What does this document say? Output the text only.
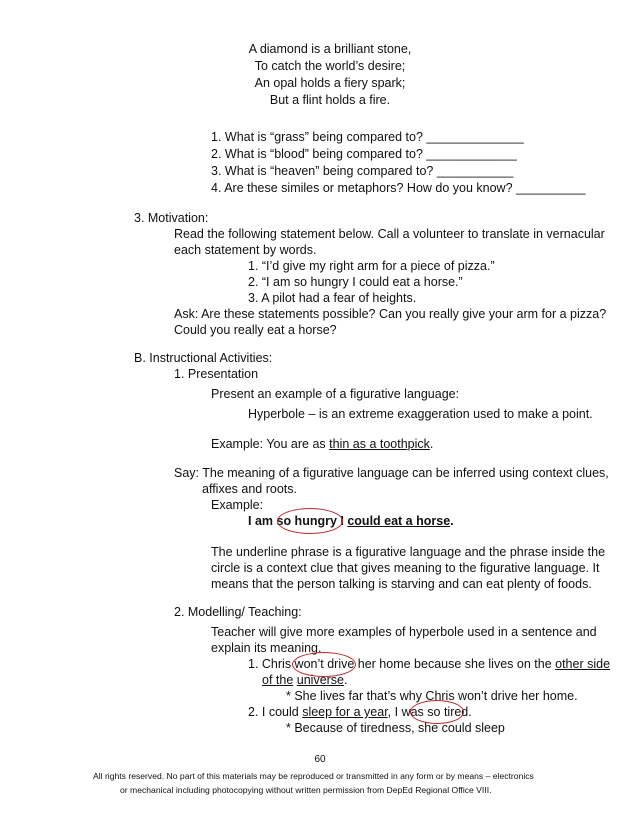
A diamond is a brilliant stone,
To catch the world’s desire;
An opal holds a fiery spark;
But a flint holds a fire.
1. What is “grass” being compared to? ______________
2. What is “blood” being compared to? _____________
3. What is “heaven” being compared to? ___________
4. Are these similes or metaphors? How do you know? __________
3. Motivation:
Read the following statement below. Call a volunteer to translate in vernacular
each statement by words.
1. “I’d give my right arm for a piece of pizza.”
2. “I am so hungry I could eat a horse.”
3. A pilot had a fear of heights.
Ask: Are these statements possible? Can you really give your arm for a pizza?
Could you really eat a horse?
B. Instructional Activities:
1. Presentation
Present an example of a figurative language:
Hyperbole – is an extreme exaggeration used to make a point.
Example: You are as thin as a toothpick.
Say: The meaning of a figurative language can be inferred using context clues,
affixes and roots.
Example:
I am so hungry I could eat a horse.
The underline phrase is a figurative language and the phrase inside the
circle is a context clue that gives meaning to the figurative language. It
means that the person talking is starving and can eat plenty of foods.
2. Modelling/ Teaching:
Teacher will give more examples of hyperbole used in a sentence and
explain its meaning.
1. Chris won’t drive her home because she lives on the other side
of the universe.
* She lives far that’s why Chris won’t drive her home.
2. I could sleep for a year, I was so tired.
* Because of tiredness, she could sleep
60
All rights reserved. No part of this materials may be reproduced or transmitted in any form or by means – electronics
or mechanical including photocopying without written permission from DepEd Regional Office VIII.
